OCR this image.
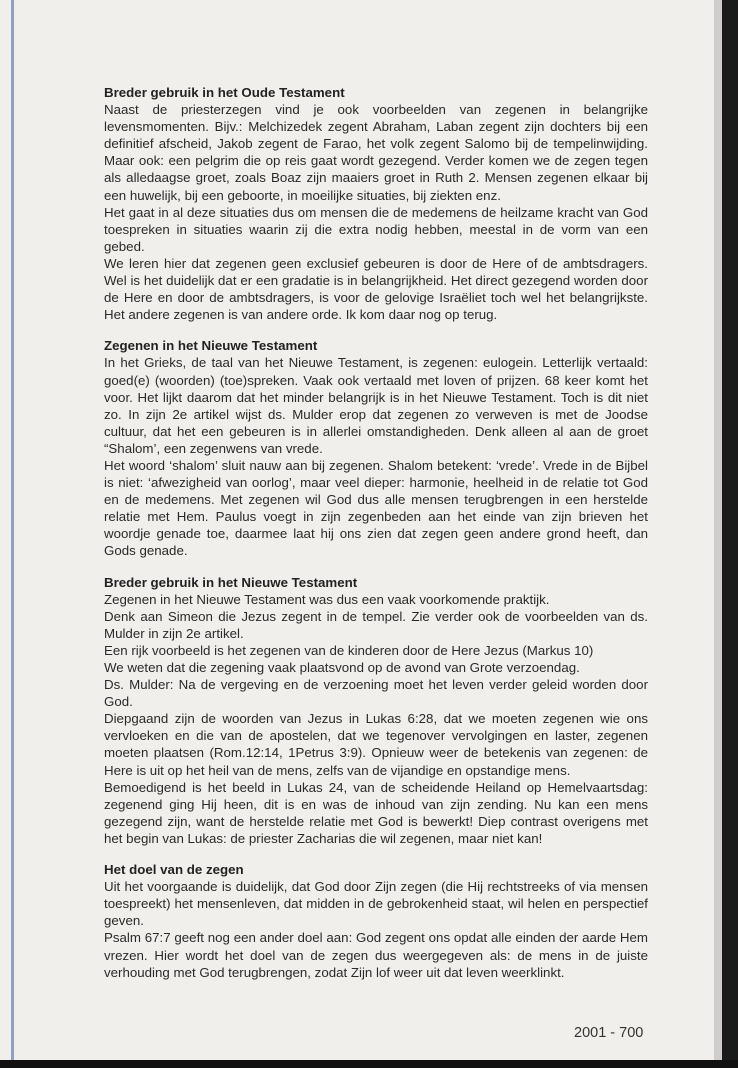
Breder gebruik in het Oude Testament

Naast de priesterzegen vind je ook voorbeelden van zegenen in belangrijke levensmomenten. Bijv.: Melchizedek zegent Abraham, Laban zegent zijn dochters bij een definitief afscheid, Jakob zegent de Farao, het volk zegent Salomo bij de tempelinwijding. Maar ook: een pelgrim die op reis gaat wordt gezegend. Verder komen we de zegen tegen als alledaagse groet, zoals Boaz zijn maaiers groet in Ruth 2. Mensen zegenen elkaar bij een huwelijk, bij een geboorte, in moeilijke situaties, bij ziekten enz.

Het gaat in al deze situaties dus om mensen die de medemens de heilzame kracht van God toespreken in situaties waarin zij die extra nodig hebben, meestal in de vorm van een gebed.

We leren hier dat zegenen geen exclusief gebeuren is door de Here of de ambtsdragers. Wel is het duidelijk dat er een gradatie is in belangrijkheid. Het direct gezegend worden door de Here en door de ambtsdragers, is voor de gelovige Israëliet toch wel het belangrijkste. Het andere zegenen is van andere orde. Ik kom daar nog op terug.

Zegenen in het Nieuwe Testament

In het Grieks, de taal van het Nieuwe Testament, is zegenen: eulogein. Letterlijk vertaald: goed(e) (woorden) (toe)spreken. Vaak ook vertaald met loven of prijzen. 68 keer komt het voor. Het lijkt daarom dat het minder belangrijk is in het Nieuwe Testament. Toch is dit niet zo. In zijn 2e artikel wijst ds. Mulder erop dat zegenen zo verweven is met de Joodse cultuur, dat het een gebeuren is in allerlei omstandigheden. Denk alleen al aan de groet “Shalom’, een zegenwens van vrede.

Het woord ‘shalom’ sluit nauw aan bij zegenen. Shalom betekent: ‘vrede’. Vrede in de Bijbel is niet: ‘afwezigheid van oorlog’, maar veel dieper: harmonie, heelheid in de relatie tot God en de medemens. Met zegenen wil God dus alle mensen terugbrengen in een herstelde relatie met Hem. Paulus voegt in zijn zegenbeden aan het einde van zijn brieven het woordje genade toe, daarmee laat hij ons zien dat zegen geen andere grond heeft, dan Gods genade.

Breder gebruik in het Nieuwe Testament

Zegenen in het Nieuwe Testament was dus een vaak voorkomende praktijk.

Denk aan Simeon die Jezus zegent in de tempel. Zie verder ook de voorbeelden van ds. Mulder in zijn 2e artikel.

Een rijk voorbeeld is het zegenen van de kinderen door de Here Jezus (Markus 10)

We weten dat die zegening vaak plaatsvond op de avond van Grote verzoendag.

Ds. Mulder: Na de vergeving en de verzoening moet het leven verder geleid worden door God.

Diepgaand zijn de woorden van Jezus in Lukas 6:28, dat we moeten zegenen wie ons vervloeken en die van de apostelen, dat we tegenover vervolgingen en laster, zegenen moeten plaatsen (Rom.12:14, 1Petrus 3:9). Opnieuw weer de betekenis van zegenen: de Here is uit op het heil van de mens, zelfs van de vijandige en opstandige mens.

Bemoedigend is het beeld in Lukas 24, van de scheidende Heiland op Hemelvaartsdag: zegenend ging Hij heen, dit is en was de inhoud van zijn zending. Nu kan een mens gezegend zijn, want de herstelde relatie met God is bewerkt! Diep contrast overigens met het begin van Lukas: de priester Zacharias die wil zegenen, maar niet kan!

Het doel van de zegen

Uit het voorgaande is duidelijk, dat God door Zijn zegen (die Hij rechtstreeks of via mensen toespreekt) het mensenleven, dat midden in de gebrokenheid staat, wil helen en perspectief geven.

Psalm 67:7 geeft nog een ander doel aan: God zegent ons opdat alle einden der aarde Hem vrezen. Hier wordt het doel van de zegen dus weergegeven als: de mens in de juiste verhouding met God terugbrengen, zodat Zijn lof weer uit dat leven weerklinkt.

2001 - 700
